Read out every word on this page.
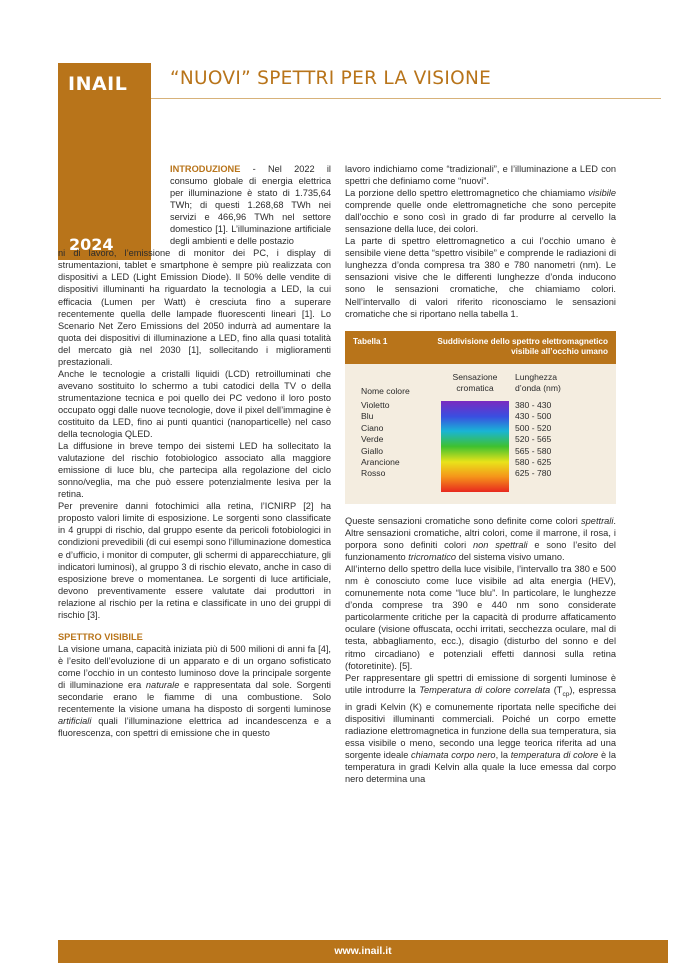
INAIL
2024
“NUOVI” SPETTRI PER LA VISIONE

INTRODUZIONE - Nel 2022 il consumo globale di energia elettrica per illuminazione è stato di 1.735,64 TWh; di questi 1.268,68 TWh nei servizi e 466,96 TWh nel settore domestico [1]. L’illuminazione artificiale degli ambienti e delle postazio

ni di lavoro, l’emissione di monitor dei PC, i display di strumentazioni, tablet e smartphone è sempre più realizzata con dispositivi a LED (Light Emission Diode). Il 50% delle vendite di dispositivi illuminanti ha riguardato la tecnologia a LED, la cui efficacia (Lumen per Watt) è cresciuta fino a superare recentemente quella delle lampade fluorescenti lineari [1]. Lo Scenario Net Zero Emissions del 2050 indurrà ad aumentare la quota dei dispositivi di illuminazione a LED, fino alla quasi totalità del mercato già nel 2030 [1], sollecitando i miglioramenti prestazionali.

Anche le tecnologie a cristalli liquidi (LCD) retroilluminati che avevano sostituito lo schermo a tubi catodici della TV o della strumentazione tecnica e poi quello dei PC vedono il loro posto occupato oggi dalle nuove tecnologie, dove il pixel dell’immagine è costituito da LED, fino ai punti quantici (nanoparticelle) nel caso della tecnologia QLED.

La diffusione in breve tempo dei sistemi LED ha sollecitato la valutazione del rischio fotobiologico associato alla maggiore emissione di luce blu, che partecipa alla regolazione del ciclo sonno/veglia, ma che può essere potenzialmente lesiva per la retina.

Per prevenire danni fotochimici alla retina, l’ICNIRP [2] ha proposto valori limite di esposizione. Le sorgenti sono classificate in 4 gruppi di rischio, dal gruppo esente da pericoli fotobiologici in condizioni prevedibili (di cui esempi sono l’illuminazione domestica e d’ufficio, i monitor di computer, gli schermi di apparecchiature, gli indicatori luminosi), al gruppo 3 di rischio elevato, anche in caso di esposizione breve o momentanea. Le sorgenti di luce artificiale, devono preventivamente essere valutate dai produttori in relazione al rischio per la retina e classificate in uno dei gruppi di rischio [3].

SPETTRO VISIBILE

La visione umana, capacità iniziata più di 500 milioni di anni fa [4], è l’esito dell’evoluzione di un apparato e di un organo sofisticato come l’occhio in un contesto luminoso dove la principale sorgente di illuminazione era naturale e rappresentata dal sole. Sorgenti secondarie erano le fiamme di una combustione. Solo recentemente la visione umana ha disposto di sorgenti luminose artificiali quali l’illuminazione elettrica ad incandescenza e a fluorescenza, con spettri di emissione che in questo

lavoro indichiamo come “tradizionali”, e l’illuminazione a LED con spettri che definiamo come “nuovi”.

La porzione dello spettro elettromagnetico che chiamiamo visibile comprende quelle onde elettromagnetiche che sono percepite dall’occhio e sono così in grado di far produrre al cervello la sensazione della luce, dei colori.

La parte di spettro elettromagnetico a cui l’occhio umano è sensibile viene detta “spettro visibile” e comprende le radiazioni di lunghezza d’onda compresa tra 380 e 780 nanometri (nm). Le sensazioni visive che le differenti lunghezze d’onda inducono sono le sensazioni cromatiche, che chiamiamo colori. Nell’intervallo di valori riferito riconosciamo le sensazioni cromatiche che si riportano nella tabella 1.

Tabella 1	Suddivisione dello spettro elettromagnetico visibile all’occhio umano
Nome colore
Sensazione cromatica
Lunghezza d’onda (nm)
Violetto
Blu
Ciano
Verde
Giallo
Arancione
Rosso
380 - 430
430 - 500
500 - 520
520 - 565
565 - 580
580 - 625
625 - 780

Queste sensazioni cromatiche sono definite come colori spettrali. Altre sensazioni cromatiche, altri colori, come il marrone, il rosa, i porpora sono definiti colori non spettrali e sono l’esito del funzionamento tricromatico del sistema visivo umano.

All’interno dello spettro della luce visibile, l’intervallo tra 380 e 500 nm è conosciuto come luce visibile ad alta energia (HEV), comunemente nota come “luce blu”. In particolare, le lunghezze d’onda comprese tra 390 e 440 nm sono considerate particolarmente critiche per la capacità di produrre affaticamento oculare (visione offuscata, occhi irritati, secchezza oculare, mal di testa, abbagliamento, ecc.), disagio (disturbo del sonno e del ritmo circadiano) e potenziali effetti dannosi sulla retina (fotoretinite). [5].

Per rappresentare gli spettri di emissione di sorgenti luminose è utile introdurre la Temperatura di colore correlata $(T_{cp})$, espressa in gradi Kelvin (K) e comunemente riportata nelle specifiche dei dispositivi illuminanti commerciali. Poiché un corpo emette radiazione elettromagnetica in funzione della sua temperatura, sia essa visibile o meno, secondo una legge teorica riferita ad una sorgente ideale chiamata corpo nero, la temperatura di colore è la temperatura in gradi Kelvin alla quale la luce emessa dal corpo nero determina una

www.inail.it
